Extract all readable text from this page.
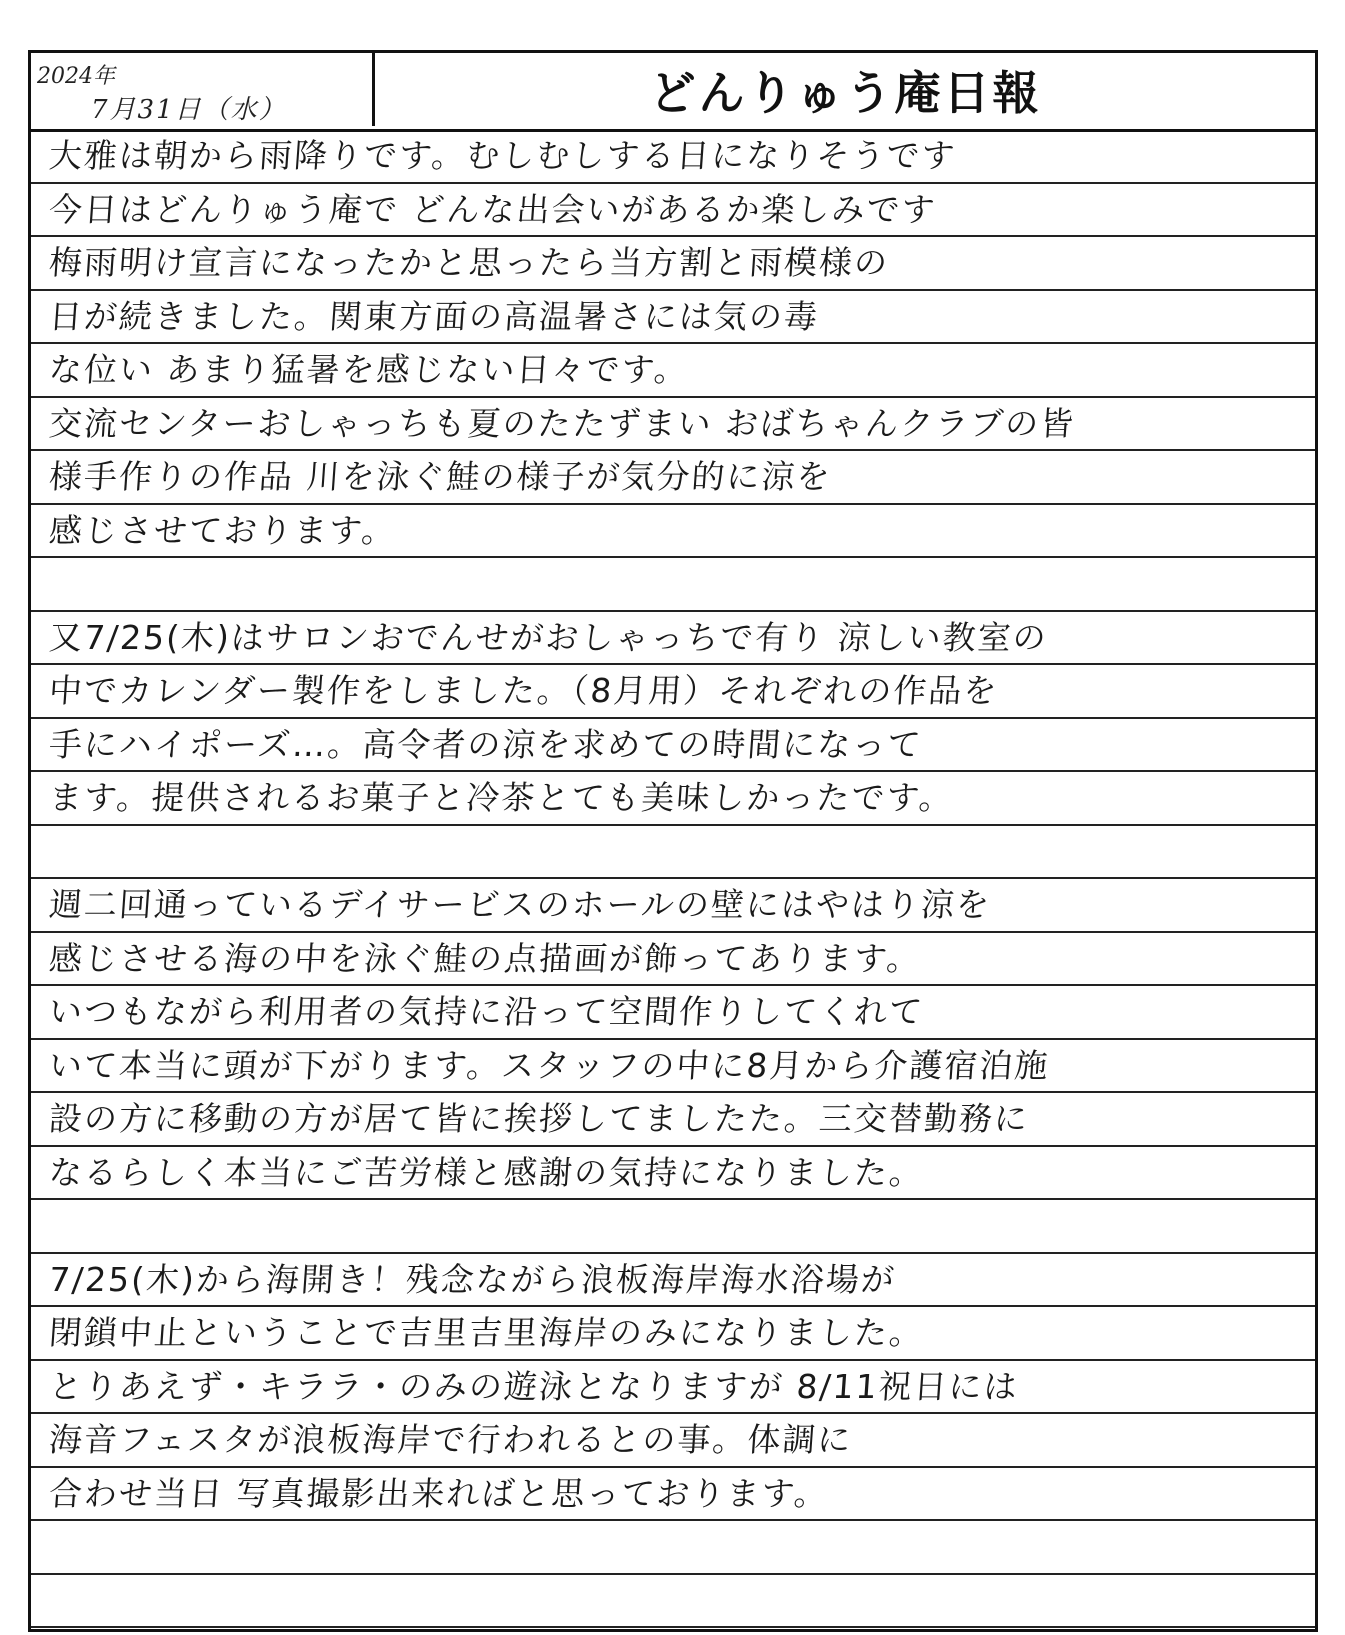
2024年
7月31日（水）	どんりゅう庵日報
大雅は朝から雨降りです。むしむしする日になりそうです
今日はどんりゅう庵で どんな出会いがあるか楽しみです
梅雨明け宣言になったかと思ったら当方割と雨模様の
日が続きました。関東方面の高温暑さには気の毒
な位い あまり猛暑を感じない日々です。
交流センターおしゃっちも夏のたたずまい おばちゃんクラブの皆
様手作りの作品 川を泳ぐ鮭の様子が気分的に涼を
感じさせております。
又7/25(木)はサロンおでんせがおしゃっちで有り 涼しい教室の
中でカレンダー製作をしました。（8月用）それぞれの作品を
手にハイポーズ…。高令者の涼を求めての時間になって
ます。提供されるお菓子と冷茶とても美味しかったです。
週二回通っているデイサービスのホールの壁にはやはり涼を
感じさせる海の中を泳ぐ鮭の点描画が飾ってあります。
いつもながら利用者の気持に沿って空間作りしてくれて
いて本当に頭が下がります。スタッフの中に8月から介護宿泊施
設の方に移動の方が居て皆に挨拶してましたた。三交替勤務に
なるらしく本当にご苦労様と感謝の気持になりました。
7/25(木)から海開き！残念ながら浪板海岸海水浴場が
閉鎖中止ということで吉里吉里海岸のみになりました。
とりあえず・キララ・のみの遊泳となりますが 8/11祝日には
海音フェスタが浪板海岸で行われるとの事。体調に
合わせ当日 写真撮影出来ればと思っております。
